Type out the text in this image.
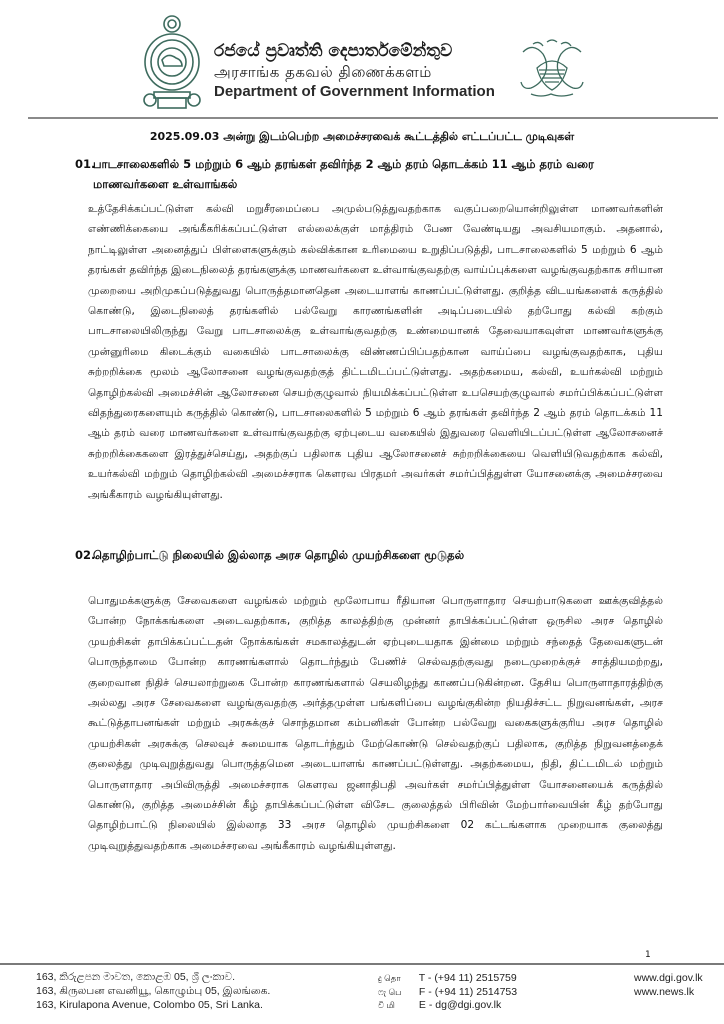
රජයේ ප්‍රවෘත්ති දෙපාර්තමේන්තුව
அரசாங்க தகவல் திணைக்களம்
Department of Government Information
2025.09.03 அன்று இடம்பெற்ற அமைச்சரவைக் கூட்டத்தில் எட்டப்பட்ட முடிவுகள்
01.
பாடசாலைகளில் 5 மற்றும் 6 ஆம் தரங்கள் தவிர்ந்த 2 ஆம் தரம் தொடக்கம் 11 ஆம் தரம் வரை மாணவர்களை உள்வாங்கல்
உத்தேசிக்கப்பட்டுள்ள கல்வி மறுசீரமைப்பை அமுல்படுத்துவதற்காக வகுப்பறையொன்றிலுள்ள மாணவர்களின் எண்ணிக்கையை அங்கீகரிக்கப்பட்டுள்ள எல்லைக்குள் மாத்திரம் பேண வேண்டியது அவசியமாகும். அதனால், நாட்டிலுள்ள அனைத்துப் பிள்ளைகளுக்கும் கல்விக்கான உரிமையை உறுதிப்படுத்தி, பாடசாலைகளில் 5 மற்றும் 6 ஆம் தரங்கள் தவிர்ந்த இடைநிலைத் தரங்களுக்கு மாணவர்களை உள்வாங்குவதற்கு வாய்ப்புக்களை வழங்குவதற்காக சரியான முறையை அறிமுகப்படுத்துவது பொருத்தமானதென அடையாளங் காணப்பட்டுள்ளது. குறித்த விடயங்களைக் கருத்தில் கொண்டு, இடைநிலைத் தரங்களில் பல்வேறு காரணங்களின் அடிப்படையில் தற்போது கல்வி கற்கும் பாடசாலையிலிருந்து வேறு பாடசாலைக்கு உள்வாங்குவதற்கு உண்மையானக் தேவையாகவுள்ள மாணவர்களுக்கு முன்னுரிமை கிடைக்கும் வகையில் பாடசாலைக்கு விண்ணப்பிப்பதற்கான வாய்ப்பை வழங்குவதற்காக, புதிய சுற்றறிக்கை மூலம் ஆலோசனை வழங்குவதற்குத் திட்டமிடப்பட்டுள்ளது. அதற்கமைய, கல்வி, உயர்கல்வி மற்றும் தொழிற்கல்வி அமைச்சின் ஆலோசனை செயற்குழுவால் நியமிக்கப்பட்டுள்ள உபசெயற்குழுவால் சமர்ப்பிக்கப்பட்டுள்ள விதந்துரைகளையும் கருத்தில் கொண்டு, பாடசாலைகளில் 5 மற்றும் 6 ஆம் தரங்கள் தவிர்ந்த 2 ஆம் தரம் தொடக்கம் 11 ஆம் தரம் வரை மாணவர்களை உள்வாங்குவதற்கு ஏற்புடைய வகையில் இதுவரை வெளியிடப்பட்டுள்ள ஆலோசனைச் சுற்றறிக்கைகளை இரத்துச்செய்து, அதற்குப் பதிலாக புதிய ஆலோசனைச் சுற்றறிக்கையை வெளியிடுவதற்காக கல்வி, உயர்கல்வி மற்றும் தொழிற்கல்வி அமைச்சராக கௌரவ பிரதமர் அவர்கள் சமர்ப்பித்துள்ள யோசனைக்கு அமைச்சரவை அங்கீகாரம் வழங்கியுள்ளது.
02.
தொழிற்பாட்டு நிலையில் இல்லாத அரச தொழில் முயற்சிகளை மூடுதல்
பொதுமக்களுக்கு சேவைகளை வழங்கல் மற்றும் மூலோபாய ரீதியான பொருளாதார செயற்பாடுகளை ஊக்குவித்தல் போன்ற நோக்கங்களை அடைவதற்காக, குறித்த காலத்திற்கு முன்னர் தாபிக்கப்பட்டுள்ள ஒருசில அரச தொழில் முயற்சிகள் தாபிக்கப்பட்டதன் நோக்கங்கள் சமகாலத்துடன் ஏற்புடையதாக இன்மை மற்றும் சந்தைத் தேவைகளுடன் பொருந்தாமை போன்ற காரணங்களால் தொடர்ந்தும் பேணிச் செல்வதற்குவது நடைமுறைக்குச் சாத்தியமற்றது, குறைவான நிதிச் செயலாற்றுகை போன்ற காரணங்களால் செயலிழந்து காணப்படுகின்றன. தேசிய பொருளாதாரத்திற்கு அல்லது அரச சேவைகளை வழங்குவதற்கு அர்த்தமுள்ள பங்களிப்பை வழங்குகின்ற நியதிச்சட்ட நிறுவனங்கள், அரச கூட்டுத்தாபனங்கள் மற்றும் அரசுக்குச் சொந்தமான கம்பனிகள் போன்ற பல்வேறு வகைகளுக்குரிய அரச தொழில் முயற்சிகள் அரசுக்கு செலவுச் சுமையாக தொடர்ந்தும் மேற்கொண்டு செல்வதற்குப் பதிலாக, குறித்த நிறுவனத்தைக் குலைத்து முடிவுறுத்துவது பொருத்தமென அடையாளங் காணப்பட்டுள்ளது. அதற்கமைய, நிதி, திட்டமிடல் மற்றும் பொருளாதார அபிவிருத்தி அமைச்சராக கௌரவ ஜனாதிபதி அவர்கள் சமர்ப்பித்துள்ள யோசனையைக் கருத்தில் கொண்டு, குறித்த அமைச்சின் கீழ் தாபிக்கப்பட்டுள்ள விசேட குலைத்தல் பிரிவின் மேற்பார்வையின் கீழ் தற்போது தொழிற்பாட்டு நிலையில் இல்லாத 33 அரச தொழில் முயற்சிகளை 02 கட்டங்களாக முறையாக குலைத்து முடிவுறுத்துவதற்காக அமைச்சரவை அங்கீகாரம் வழங்கியுள்ளது.
1
163, කිරුළපන මාවත, කොළඹ 05, ශ්‍රී ලංකාව.
163, கிருலபன எவனியூ, கொழும்பு 05, இலங்கை.
163, Kirulapona Avenue, Colombo 05, Sri Lanka.
දු தொ T - (+94 11) 2515759
ෆැ பெ F - (+94 11) 2514753
වි மி E - dg@dgi.gov.lk
www.dgi.gov.lk
www.news.lk
